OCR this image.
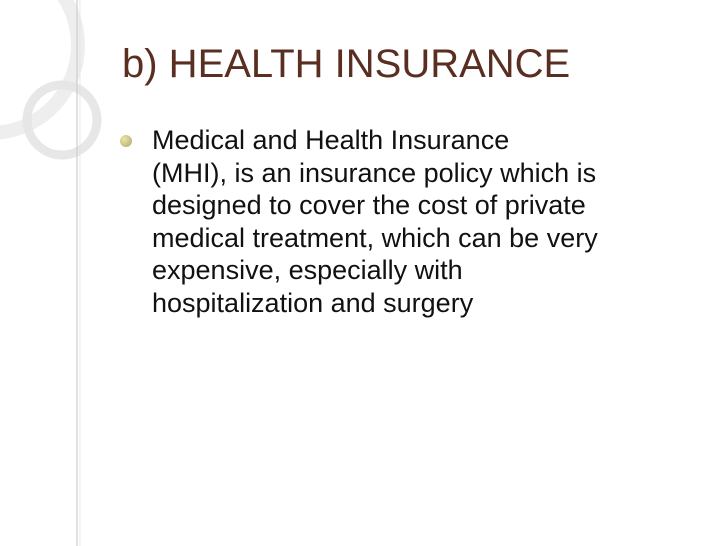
b) HEALTH INSURANCE
Medical and Health Insurance
(MHI), is an insurance policy which is
designed to cover the cost of private
medical treatment, which can be very
expensive, especially with
hospitalization and surgery
